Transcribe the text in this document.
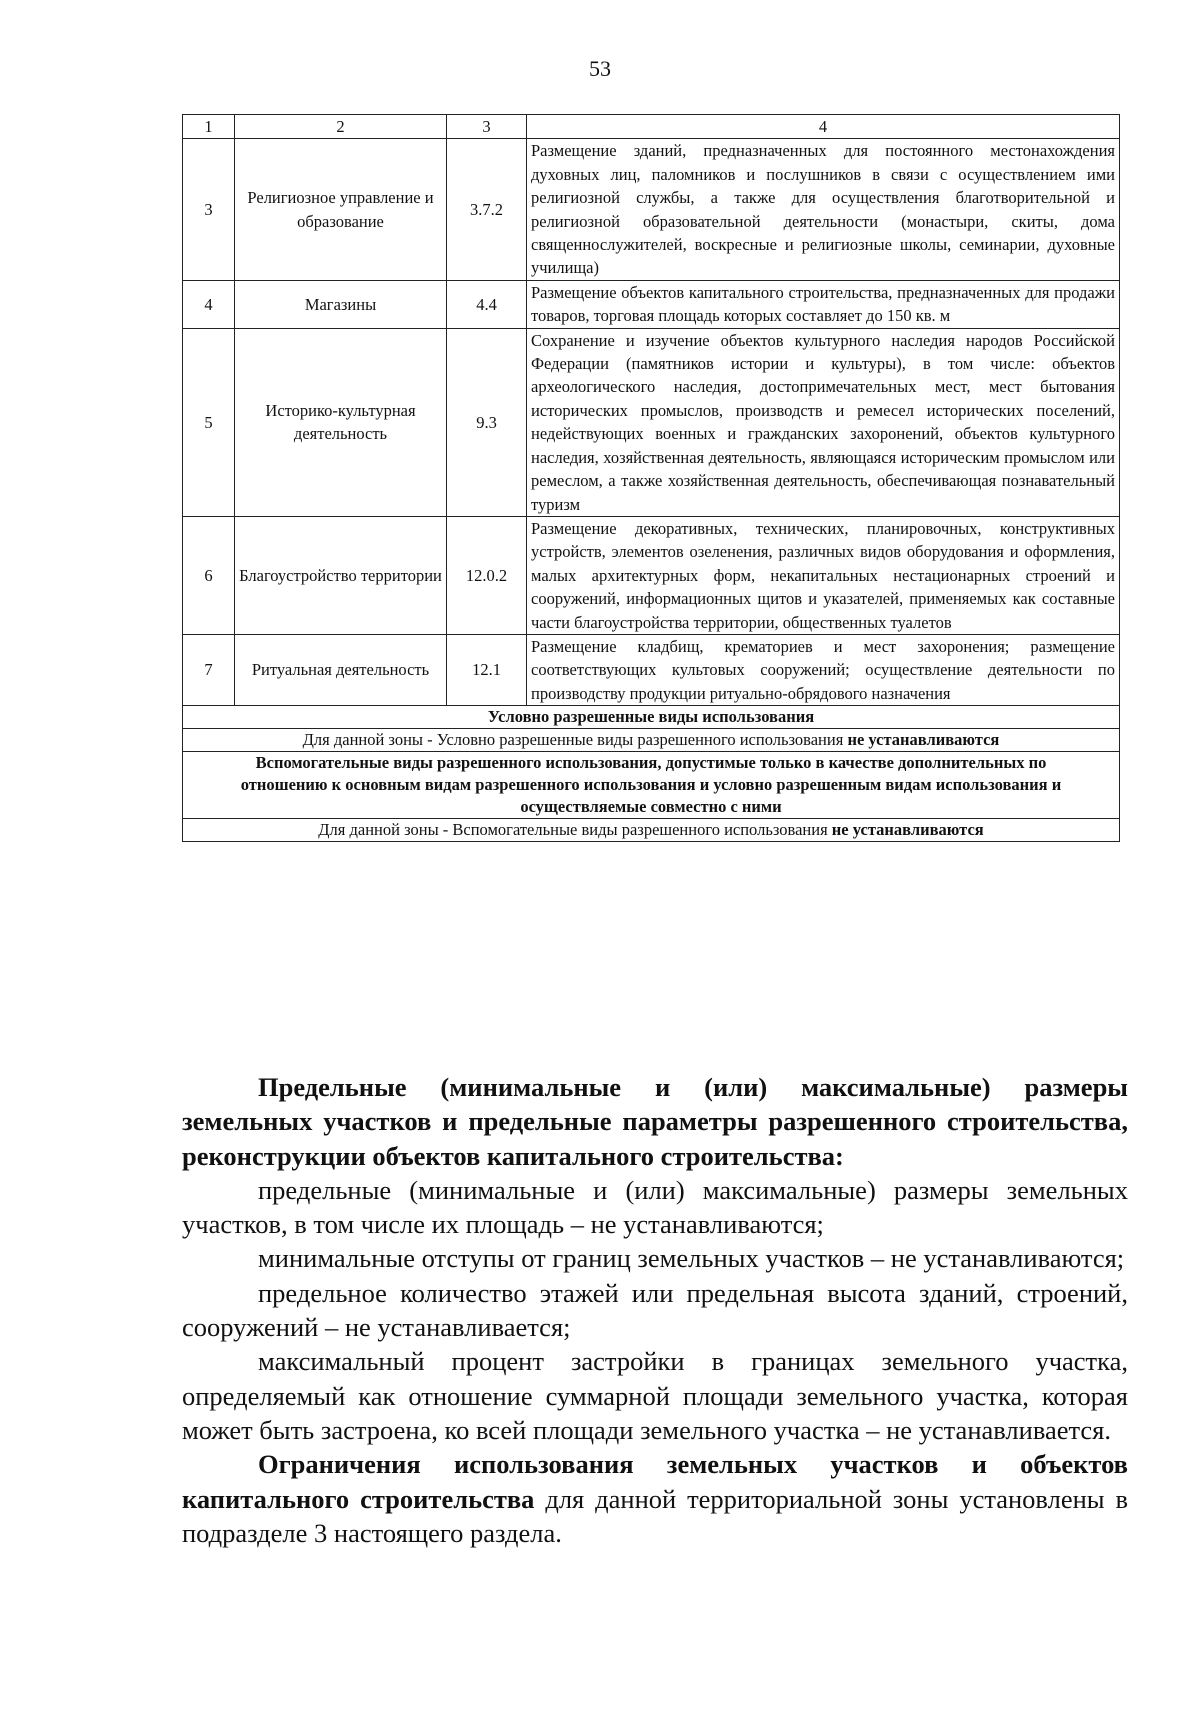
53
1	2	3	4
3	Религиозное управление и образование	3.7.2	Размещение зданий, предназначенных для постоянного местонахождения духовных лиц, паломников и послушников в связи с осуществлением ими религиозной службы, а также для осуществления благотворительной и религиозной образовательной деятельности (монастыри, скиты, дома священнослужителей, воскресные и религиозные школы, семинарии, духовные училища)
4	Магазины	4.4	Размещение объектов капитального строительства, предназначенных для продажи товаров, торговая площадь которых составляет до 150 кв. м
5	Историко-культурная деятельность	9.3	Сохранение и изучение объектов культурного наследия народов Российской Федерации (памятников истории и культуры), в том числе: объектов археологического наследия, достопримечательных мест, мест бытования исторических промыслов, производств и ремесел исторических поселений, недействующих военных и гражданских захоронений, объектов культурного наследия, хозяйственная деятельность, являющаяся историческим промыслом или ремеслом, а также хозяйственная деятельность, обеспечивающая познавательный туризм
6	Благоустройство территории	12.0.2	Размещение декоративных, технических, планировочных, конструктивных устройств, элементов озеленения, различных видов оборудования и оформления, малых архитектурных форм, некапитальных нестационарных строений и сооружений, информационных щитов и указателей, применяемых как составные части благоустройства территории, общественных туалетов
7	Ритуальная деятельность	12.1	Размещение кладбищ, крематориев и мест захоронения; размещение соответствующих культовых сооружений; осуществление деятельности по производству продукции ритуально-обрядового назначения
Условно разрешенные виды использования			
Для данной зоны - Условно разрешенные виды разрешенного использования не устанавливаются			
Вспомогательные виды разрешенного использования, допустимые только в качестве дополнительных по отношению к основным видам разрешенного использования и условно разрешенным видам использования и осуществляемые совместно с ними			
Для данной зоны - Вспомогательные виды разрешенного использования не устанавливаются			

Предельные (минимальные и (или) максимальные) размеры земельных участков и предельные параметры разрешенного строительства, реконструкции объектов капитального строительства:

предельные (минимальные и (или) максимальные) размеры земельных участков, в том числе их площадь – не устанавливаются;

минимальные отступы от границ земельных участков – не устанавливаются;

предельное количество этажей или предельная высота зданий, строений, сооружений – не устанавливается;

максимальный процент застройки в границах земельного участка, определяемый как отношение суммарной площади земельного участка, которая может быть застроена, ко всей площади земельного участка – не устанавливается.

Ограничения использования земельных участков и объектов капитального строительства для данной территориальной зоны установлены в подразделе 3 настоящего раздела.
